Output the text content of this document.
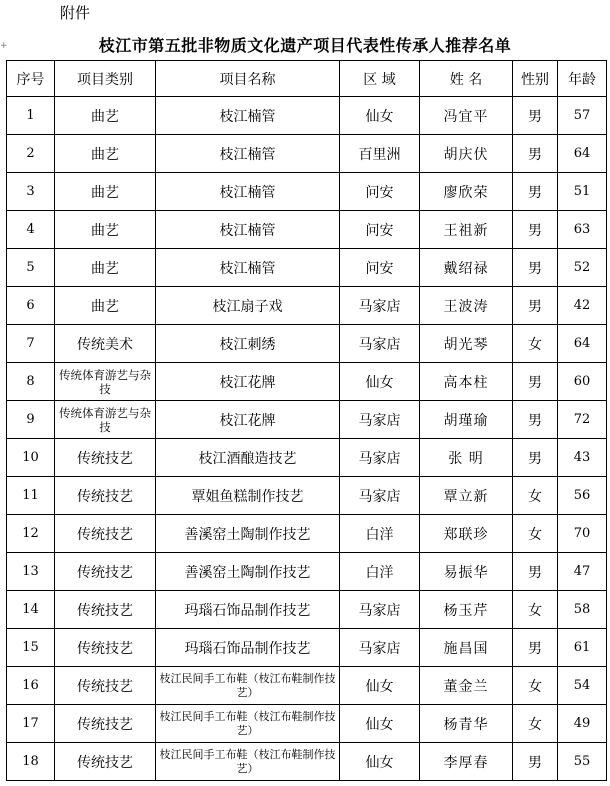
附件
+	枝江市第五批非物质文化遗产项目代表性传承人推荐名单
序号	项目类别	项目名称	区 域	姓 名	性别	年龄
1	曲艺	枝江楠管	仙女	冯宜平	男	57
2	曲艺	枝江楠管	百里洲	胡庆伏	男	64
3	曲艺	枝江楠管	问安	廖欣荣	男	51
4	曲艺	枝江楠管	问安	王祖新	男	63
5	曲艺	枝江楠管	问安	戴绍禄	男	52
6	曲艺	枝江扇子戏	马家店	王波涛	男	42
7	传统美术	枝江刺绣	马家店	胡光琴	女	64
8	传统体育游艺与杂技	枝江花牌	仙女	高本柱	男	60
9	传统体育游艺与杂技	枝江花牌	马家店	胡瑾瑜	男	72
10	传统技艺	枝江酒酿造技艺	马家店	张 明	男	43
11	传统技艺	覃姐鱼糕制作技艺	马家店	覃立新	女	56
12	传统技艺	善溪窑土陶制作技艺	白洋	郑联珍	女	70
13	传统技艺	善溪窑土陶制作技艺	白洋	易振华	男	47
14	传统技艺	玛瑙石饰品制作技艺	马家店	杨玉芹	女	58
15	传统技艺	玛瑙石饰品制作技艺	马家店	施昌国	男	61
16	传统技艺	枝江民间手工布鞋（枝江布鞋制作技艺）	仙女	董金兰	女	54
17	传统技艺	枝江民间手工布鞋（枝江布鞋制作技艺）	仙女	杨青华	女	49
18	传统技艺	枝江民间手工布鞋（枝江布鞋制作技艺）	仙女	李厚春	男	55
